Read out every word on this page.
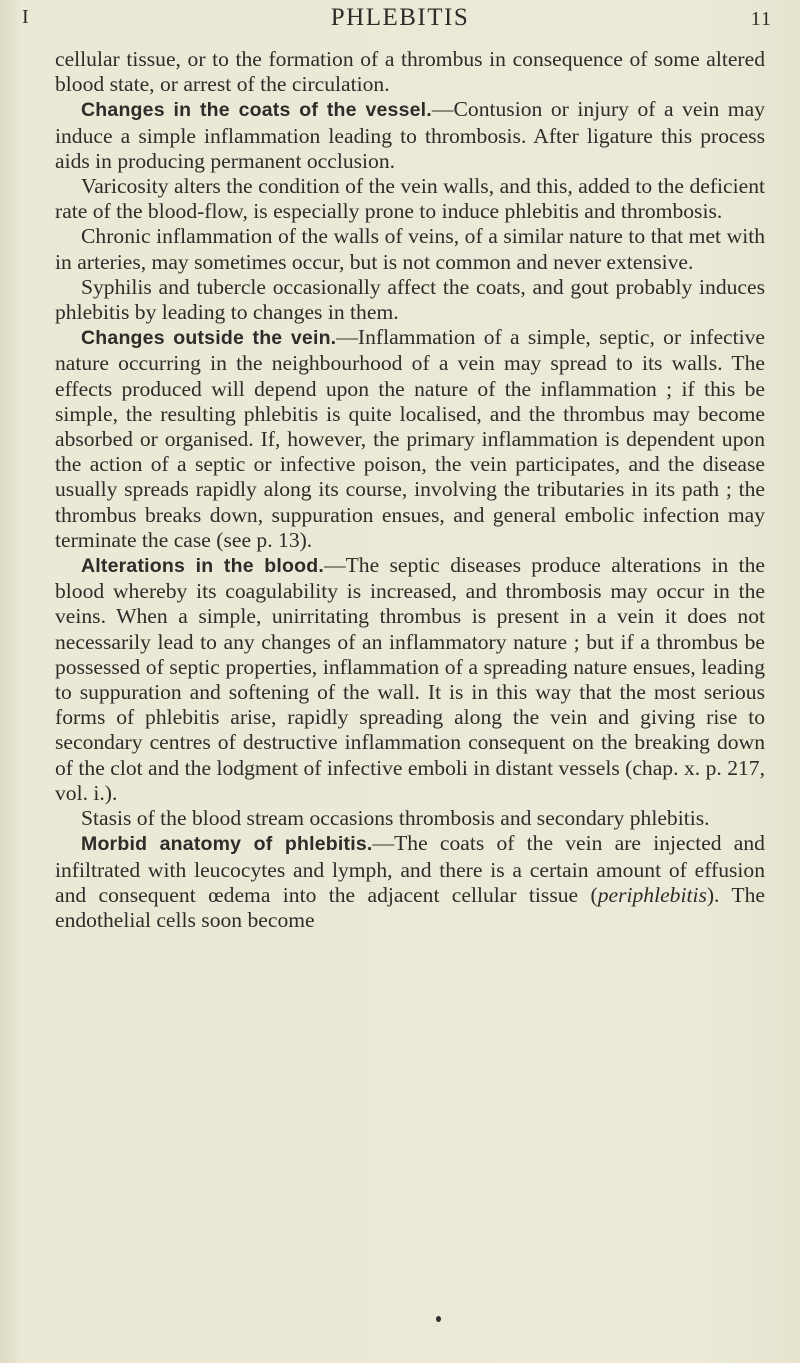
I	PHLEBITIS	11

cellular tissue, or to the formation of a thrombus in consequence of some altered blood state, or arrest of the circulation.

Changes in the coats of the vessel.—Contusion or injury of a vein may induce a simple inflammation leading to thrombosis. After ligature this process aids in producing permanent occlusion.

Varicosity alters the condition of the vein walls, and this, added to the deficient rate of the blood-flow, is especially prone to induce phlebitis and thrombosis.

Chronic inflammation of the walls of veins, of a similar nature to that met with in arteries, may sometimes occur, but is not common and never extensive.

Syphilis and tubercle occasionally affect the coats, and gout probably induces phlebitis by leading to changes in them.

Changes outside the vein.—Inflammation of a simple, septic, or infective nature occurring in the neighbourhood of a vein may spread to its walls. The effects produced will depend upon the nature of the inflammation ; if this be simple, the resulting phlebitis is quite localised, and the thrombus may become absorbed or organised. If, however, the primary inflammation is dependent upon the action of a septic or infective poison, the vein participates, and the disease usually spreads rapidly along its course, involving the tributaries in its path ; the thrombus breaks down, suppuration ensues, and general embolic infection may terminate the case (see p. 13).

Alterations in the blood.—The septic diseases produce alterations in the blood whereby its coagulability is increased, and thrombosis may occur in the veins. When a simple, unirritating thrombus is present in a vein it does not necessarily lead to any changes of an inflammatory nature ; but if a thrombus be possessed of septic properties, inflammation of a spreading nature ensues, leading to suppuration and softening of the wall. It is in this way that the most serious forms of phlebitis arise, rapidly spreading along the vein and giving rise to secondary centres of destructive inflammation consequent on the breaking down of the clot and the lodgment of infective emboli in distant vessels (chap. x. p. 217, vol. i.).

Stasis of the blood stream occasions thrombosis and secondary phlebitis.

Morbid anatomy of phlebitis.—The coats of the vein are injected and infiltrated with leucocytes and lymph, and there is a certain amount of effusion and consequent œdema into the adjacent cellular tissue (periphlebitis). The endothelial cells soon become
